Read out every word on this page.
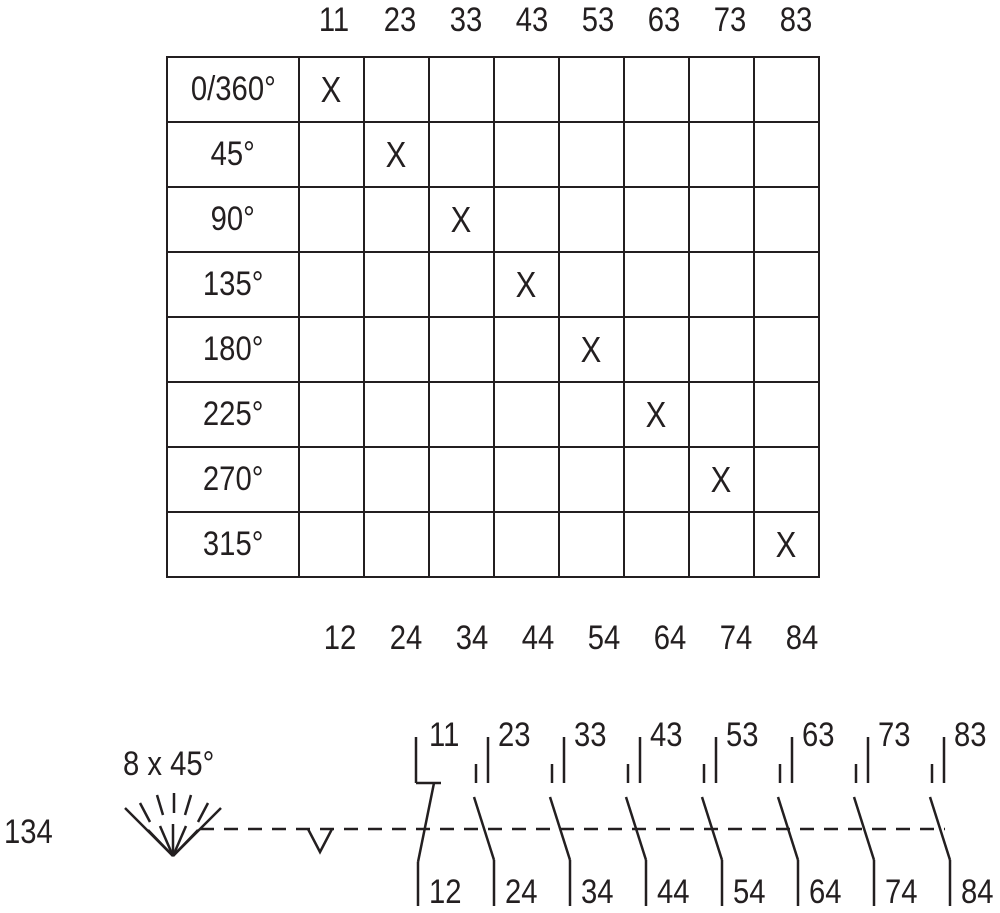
11	23 33 43 53 63 73 83
0/360°	X							
45°		X						
90°			X					
135°				X				
180°					X			
225°						X		
270°							X	
315°								X
12 24 34 44 54 64 74 84
8 x 45°
134
11 23 33 43 53 63 73 83
12 24 34 44 54 64 74 84
